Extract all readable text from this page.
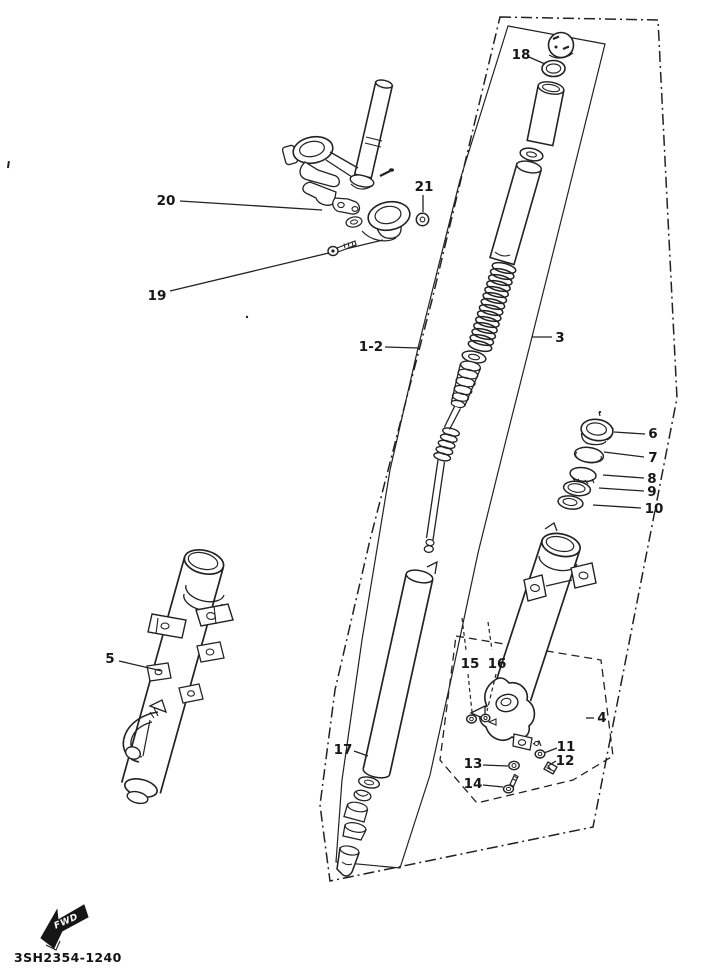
18
20
21
19
1-2
3
6
7
8
9
10
5	15 16
4
17	11
12
13
14
FWD
3SH2354-1240
